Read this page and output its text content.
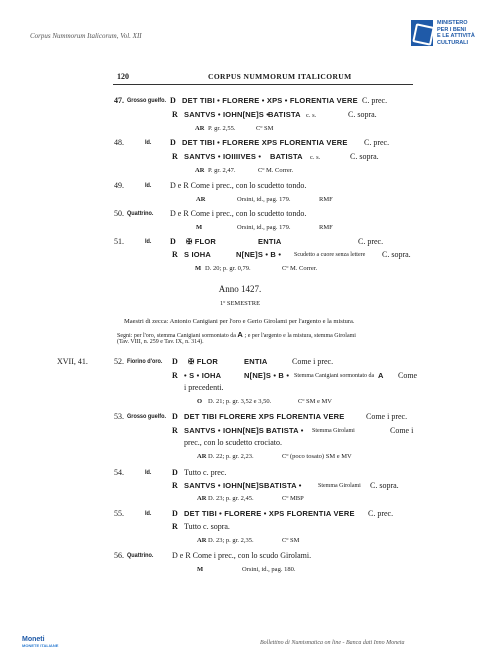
Corpus Nummorum Italicorum, Vol. XII
MINISTERO
PER I BENI
E LE ATTIVITÀ
CULTURALI
120	CORPUS NUMMORUM ITALICORUM
47. Grosso guelfo. D DET TIBI • FLORERE • XPS • FLORENTIA VERE C. prec.
R SANTVS • IOHN[NE]S •
BATISTA c. s.	C. sopra.
AR P. gr. 2,55.	Cº SM
48.	Id. D DET TIBI • FLORERE XPS FLORENTIA VERE C. prec.
R SANTVS • IOIIIIVES • BATISTA c. s.	C. sopra.
AR P. gr. 2,47.	Cº M. Correr.
49.	Id. D e R Come i prec., con lo scudetto tondo.
AR	Orsini, id., pag. 179.	RMF
50. Quattrino. D e R Come i prec., con lo scudetto tondo.
M	Orsini, id., pag. 179.	RMF
51.	Id. D ✠ FLOR	ENTIA	C. prec.
R S IOHA	N[NE]S • B • Scudetto a cuore senza lettere C. sopra.
M D. 20; p. gr. 0,79.	Cº M. Correr.
Anno 1427.
1º SEMESTRE
Maestri di zecca: Antonio Canigiani per l'oro e Gerio Girolami per l'argento e la mistura.
Segni: per l'oro, stemma Canigiani sormontato da A ; e per l'argento e la mistura, stemma Girolami
(Tav. VIII, n. 259 e Tav. IX, n. 314).
XVII, 41.	52. Fiorino d'oro. D ✠ FLOR	ENTIA	Come i prec.
R • S • IOHA	N[NE]S • B • Stemma Canigiani sormontato da A Come
i precedenti.
O D. 21; p. gr. 3,52 e 3,50.	Cº SM e MV
53. Grosso guelfo. D DET TIBI FLORERE XPS FLORENTIA VERE	Come i prec.
R SANTVS • IOHN[NE]S •
BATISTA • Stemma Girolami	Come i
prec., con lo scudetto crociato.
AR D. 22; p. gr. 2,23.	Cº (poco tosato) SM e MV
54.	Id.	D Tutto c. prec.
R SANTVS • IOHN[NE]S BATISTA •	Stemma Girolami C. sopra.
AR D. 23; p. gr. 2,45.	Cº MBP
55.	Id.	D DET TIBI • FLORERE • XPS FLORENTIA VERE C. prec.
R Tutto c. sopra.
AR D. 23; p. gr. 2,35.	Cº SM
56. Quattrino. D e R Come i prec., con lo scudo Girolami.
M	Orsini, id., pag. 180.
Moneti
MONETE ITALIANE	Bollettino di Numismatica on line - Banca dati Inno Moneta
